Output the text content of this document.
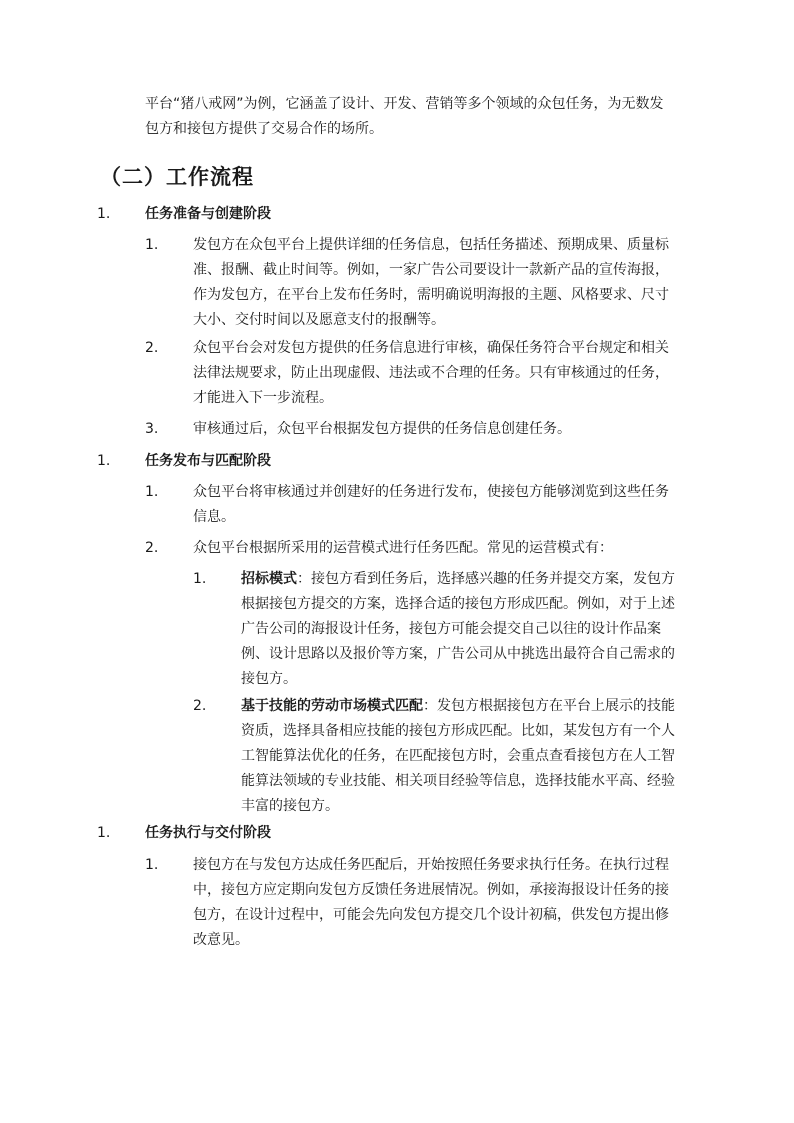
平台“猪八戒网”为例，它涵盖了设计、开发、营销等多个领域的众包任务，为无数发
包方和接包方提供了交易合作的场所。

（二）工作流程
1. 任务准备与创建阶段
1. 发包方在众包平台上提供详细的任务信息，包括任务描述、预期成果、质量标
准、报酬、截止时间等。例如，一家广告公司要设计一款新产品的宣传海报，
作为发包方，在平台上发布任务时，需明确说明海报的主题、风格要求、尺寸
大小、交付时间以及愿意支付的报酬等。
2. 众包平台会对发包方提供的任务信息进行审核，确保任务符合平台规定和相关
法律法规要求，防止出现虚假、违法或不合理的任务。只有审核通过的任务，
才能进入下一步流程。
3. 审核通过后，众包平台根据发包方提供的任务信息创建任务。
1. 任务发布与匹配阶段
1. 众包平台将审核通过并创建好的任务进行发布，使接包方能够浏览到这些任务
信息。
2. 众包平台根据所采用的运营模式进行任务匹配。常见的运营模式有：
1. 招标模式：接包方看到任务后，选择感兴趣的任务并提交方案，发包方
根据接包方提交的方案，选择合适的接包方形成匹配。例如，对于上述
广告公司的海报设计任务，接包方可能会提交自己以往的设计作品案
例、设计思路以及报价等方案，广告公司从中挑选出最符合自己需求的
接包方。
2. 基于技能的劳动市场模式匹配：发包方根据接包方在平台上展示的技能
资质，选择具备相应技能的接包方形成匹配。比如，某发包方有一个人
工智能算法优化的任务，在匹配接包方时，会重点查看接包方在人工智
能算法领域的专业技能、相关项目经验等信息，选择技能水平高、经验
丰富的接包方。
1. 任务执行与交付阶段
1. 接包方在与发包方达成任务匹配后，开始按照任务要求执行任务。在执行过程
中，接包方应定期向发包方反馈任务进展情况。例如，承接海报设计任务的接
包方，在设计过程中，可能会先向发包方提交几个设计初稿，供发包方提出修
改意见。
